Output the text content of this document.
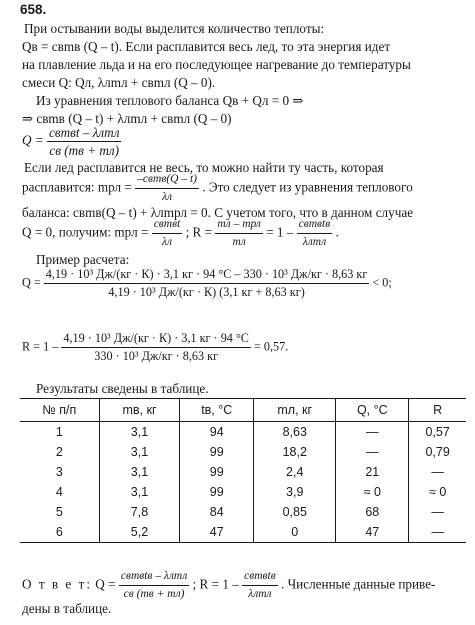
658.
При остывании воды выделится количество теплоты:
Qв = cвmв (Q – t). Если расплавится весь лед, то эта энергия идет
на плавление льда и на его последующее нагревание до температуры
смеси Q: Qл, λлmл + cвmл (Q – 0).
Из уравнения теплового баланса Qв + Qл = 0 ⇒
⇒ cвmв (Q – t) + λлmл + cвmл (Q – 0)
$Q = \frac{\text{cвmвt – λлmл}}{cв (mв + mл)}$
Если лед расплавится не весь, то можно найти ту часть, которая
расплавится: mрл = $\frac{\text{–cвmв(Q – t)}}{\lambda л}$ . Это следует из уравнения теплового
баланса: cвmв(Q – t) + λлmрл = 0. С учетом того, что в данном случае
Q = 0, получим: mрл = $\frac{\text{cвmвt}}{\lambda л}$ ; $R = \frac{\text{mл – mрл}}{mл} = 1 - \frac{\text{cвmвtв}}{\text{λлmл}}$ .
Пример расчета:
Q =
4,19 · 10³ Дж/(кг · К) · 3,1 кг · 94 °С – 330 · 10³ Дж/кг · 8,63 кг
4,19 · 10³ Дж/(кг · К) (3,1 кг + 8,63 кг)
< 0;
$R = 1 - \frac{\text{4,19 · 10³ Дж/(кг · К) · 3,1 кг · 94 °С}}{\text{330 · 10³ Дж/кг · 8,63 кг}} = 0,57$.
Результаты сведены в таблице.
№ п/п	mв, кг	tв, °С	mл, кг	Q, °С	R
1	3,1	94	8,63	—	0,57
2	3,1	99	18,2	—	0,79
3	3,1	99	2,4	21	—
4	3,1	99	3,9	≈ 0	≈ 0
5	7,8	84	0,85	68	—
6	5,2	47	0	47	—
О т в е т: $Q = \frac{\text{cвmвtв – λлmл}}{cв (mв + mл)}$ ; $R = 1 - \frac{\text{cвmвtв}}{\text{λлmл}}$ . Численные данные приве-
дены в таблице.
